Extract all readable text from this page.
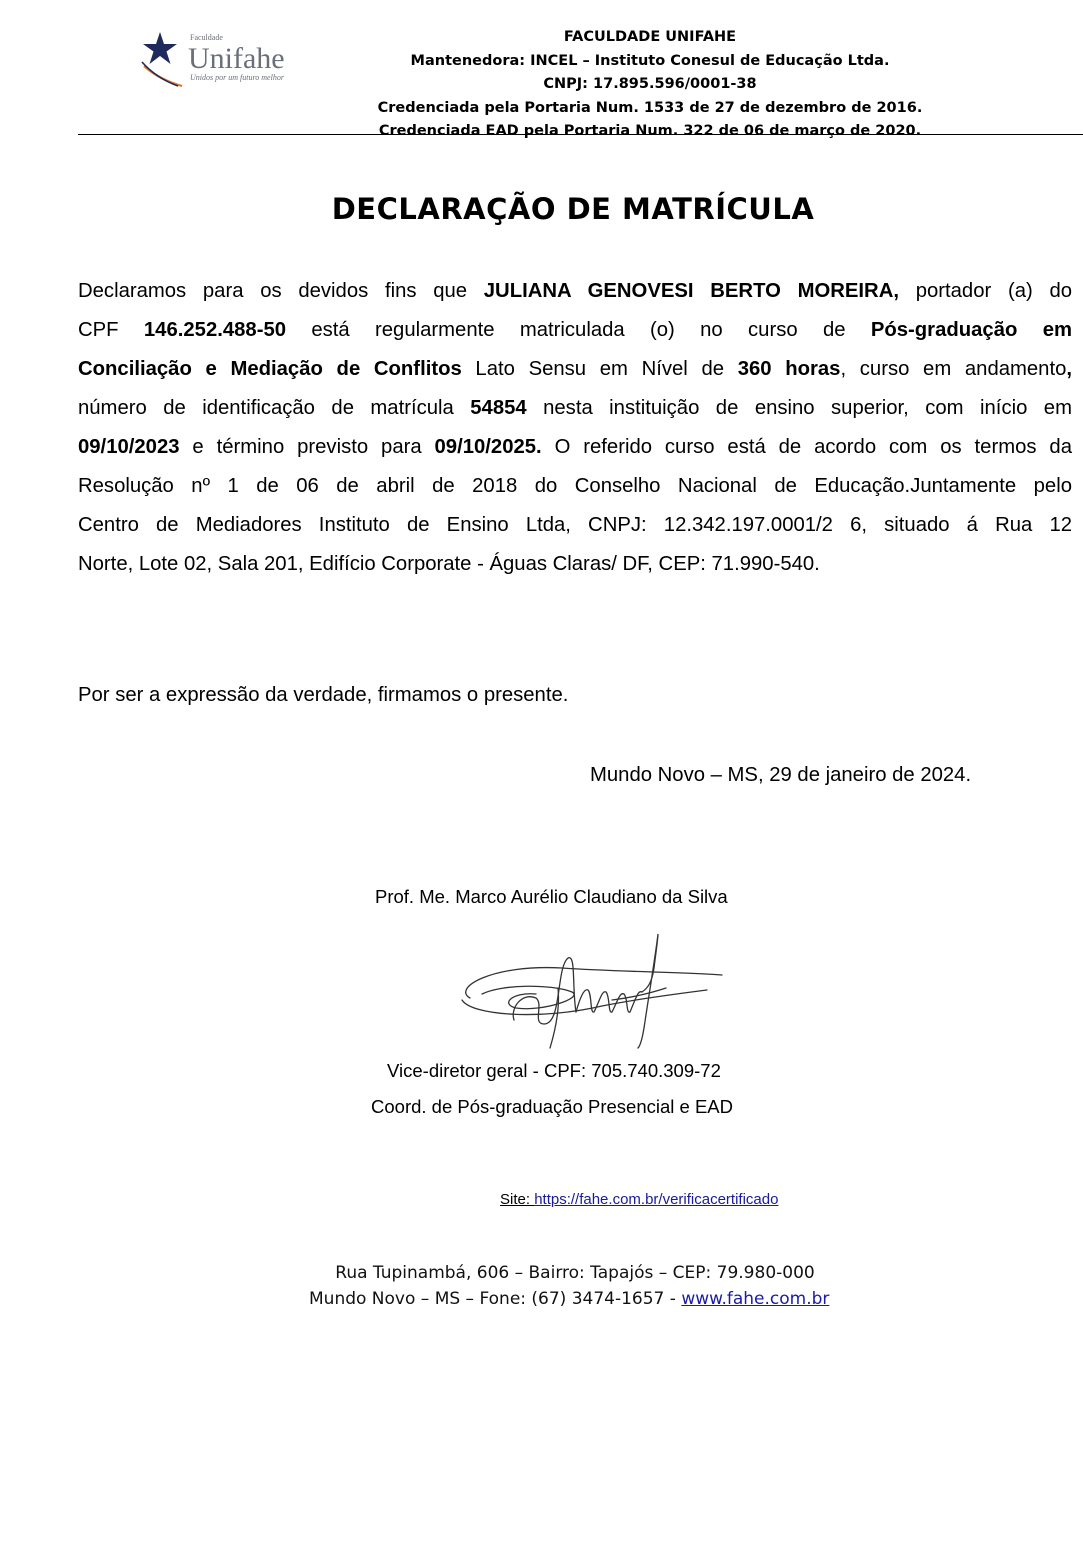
Faculdade
Unifahe
Unidos por um futuro melhor
FACULDADE UNIFAHE
Mantenedora: INCEL – Instituto Conesul de Educação Ltda.
CNPJ: 17.895.596/0001-38
Credenciada pela Portaria Num. 1533 de 27 de dezembro de 2016.
Credenciada EAD pela Portaria Num. 322 de 06 de março de 2020.
DECLARAÇÃO DE MATRÍCULA
Declaramos para os devidos fins que JULIANA GENOVESI BERTO MOREIRA, portador (a) do
CPF 146.252.488-50 está regularmente matriculada (o) no curso de Pós-graduação em
Conciliação e Mediação de Conflitos Lato Sensu em Nível de 360 horas, curso em andamento,
número de identificação de matrícula 54854 nesta instituição de ensino superior, com início em
09/10/2023 e término previsto para 09/10/2025. O referido curso está de acordo com os termos da
Resolução nº 1 de 06 de abril de 2018 do Conselho Nacional de Educação.Juntamente pelo
Centro de Mediadores Instituto de Ensino Ltda, CNPJ: 12.342.197.0001/2 6, situado á Rua 12
Norte, Lote 02, Sala 201, Edifício Corporate - Águas Claras/ DF, CEP: 71.990-540.
Por ser a expressão da verdade, firmamos o presente.
Mundo Novo – MS, 29 de janeiro de 2024.
Prof. Me. Marco Aurélio Claudiano da Silva
Vice-diretor geral - CPF: 705.740.309-72
Coord. de Pós-graduação Presencial e EAD
Site: https://fahe.com.br/verificacertificado
Rua Tupinambá, 606 – Bairro: Tapajós – CEP: 79.980-000
Mundo Novo – MS – Fone: (67) 3474-1657 - www.fahe.com.br
